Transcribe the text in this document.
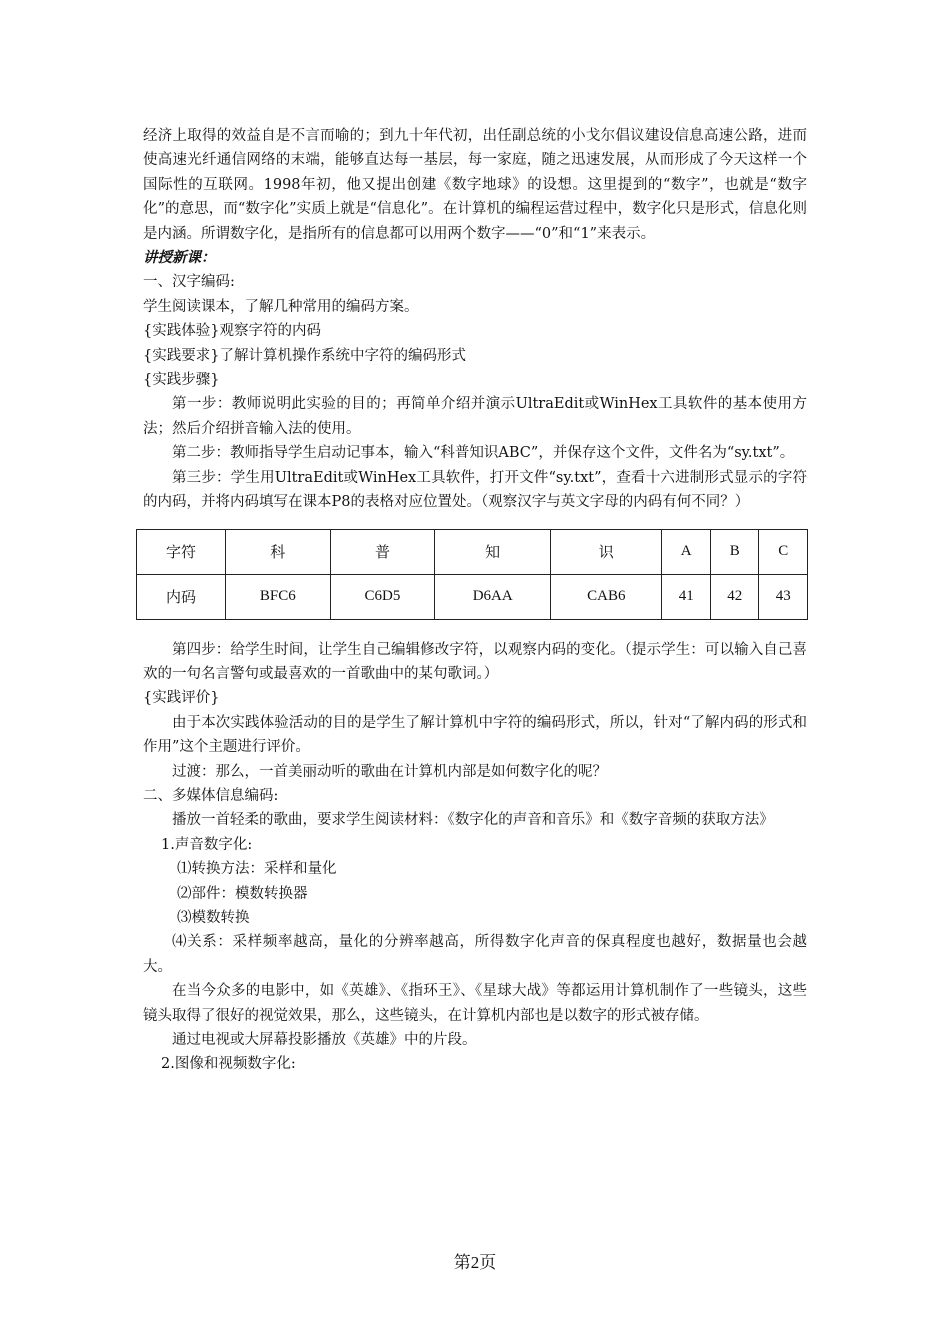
经济上取得的效益自是不言而喻的；到九十年代初，出任副总统的小戈尔倡议建设信息高速公路，进而使高速光纤通信网络的末端，能够直达每一基层，每一家庭，随之迅速发展，从而形成了今天这样一个国际性的互联网。1998年初，他又提出创建《数字地球》的设想。这里提到的“数字”，也就是“数字化”的意思，而“数字化”实质上就是“信息化”。在计算机的编程运营过程中，数字化只是形式，信息化则是内涵。所谓数字化，是指所有的信息都可以用两个数字——“0”和“1”来表示。
讲授新课：
一、汉字编码:
学生阅读课本，了解几种常用的编码方案。
{实践体验}观察字符的内码
{实践要求}了解计算机操作系统中字符的编码形式
{实践步骤}
第一步：教师说明此实验的目的；再简单介绍并演示UltraEdit或WinHex工具软件的基本使用方法；然后介绍拼音输入法的使用。
第二步：教师指导学生启动记事本，输入“科普知识ABC”，并保存这个文件，文件名为“sy.txt”。
第三步：学生用UltraEdit或WinHex工具软件，打开文件“sy.txt”，查看十六进制形式显示的字符的内码，并将内码填写在课本P8的表格对应位置处。（观察汉字与英文字母的内码有何不同？）
字符	科	普	知	识	A	B	C
内码	BFC6	C6D5	D6AA	CAB6	41	42	43
第四步：给学生时间，让学生自己编辑修改字符，以观察内码的变化。（提示学生：可以输入自己喜欢的一句名言警句或最喜欢的一首歌曲中的某句歌词。）
{实践评价}
由于本次实践体验活动的目的是学生了解计算机中字符的编码形式，所以，针对“了解内码的形式和作用”这个主题进行评价。
过渡：那么，一首美丽动听的歌曲在计算机内部是如何数字化的呢？
二、多媒体信息编码:
播放一首轻柔的歌曲，要求学生阅读材料：《数字化的声音和音乐》和《数字音频的获取方法》
1.声音数字化:
⑴转换方法：采样和量化
⑵部件：模数转换器
⑶模数转换
⑷关系：采样频率越高，量化的分辨率越高，所得数字化声音的保真程度也越好，数据量也会越大。
在当今众多的电影中，如《英雄》、《指环王》、《星球大战》等都运用计算机制作了一些镜头，这些镜头取得了很好的视觉效果，那么，这些镜头，在计算机内部也是以数字的形式被存储。
通过电视或大屏幕投影播放《英雄》中的片段。
2.图像和视频数字化:
第2页
